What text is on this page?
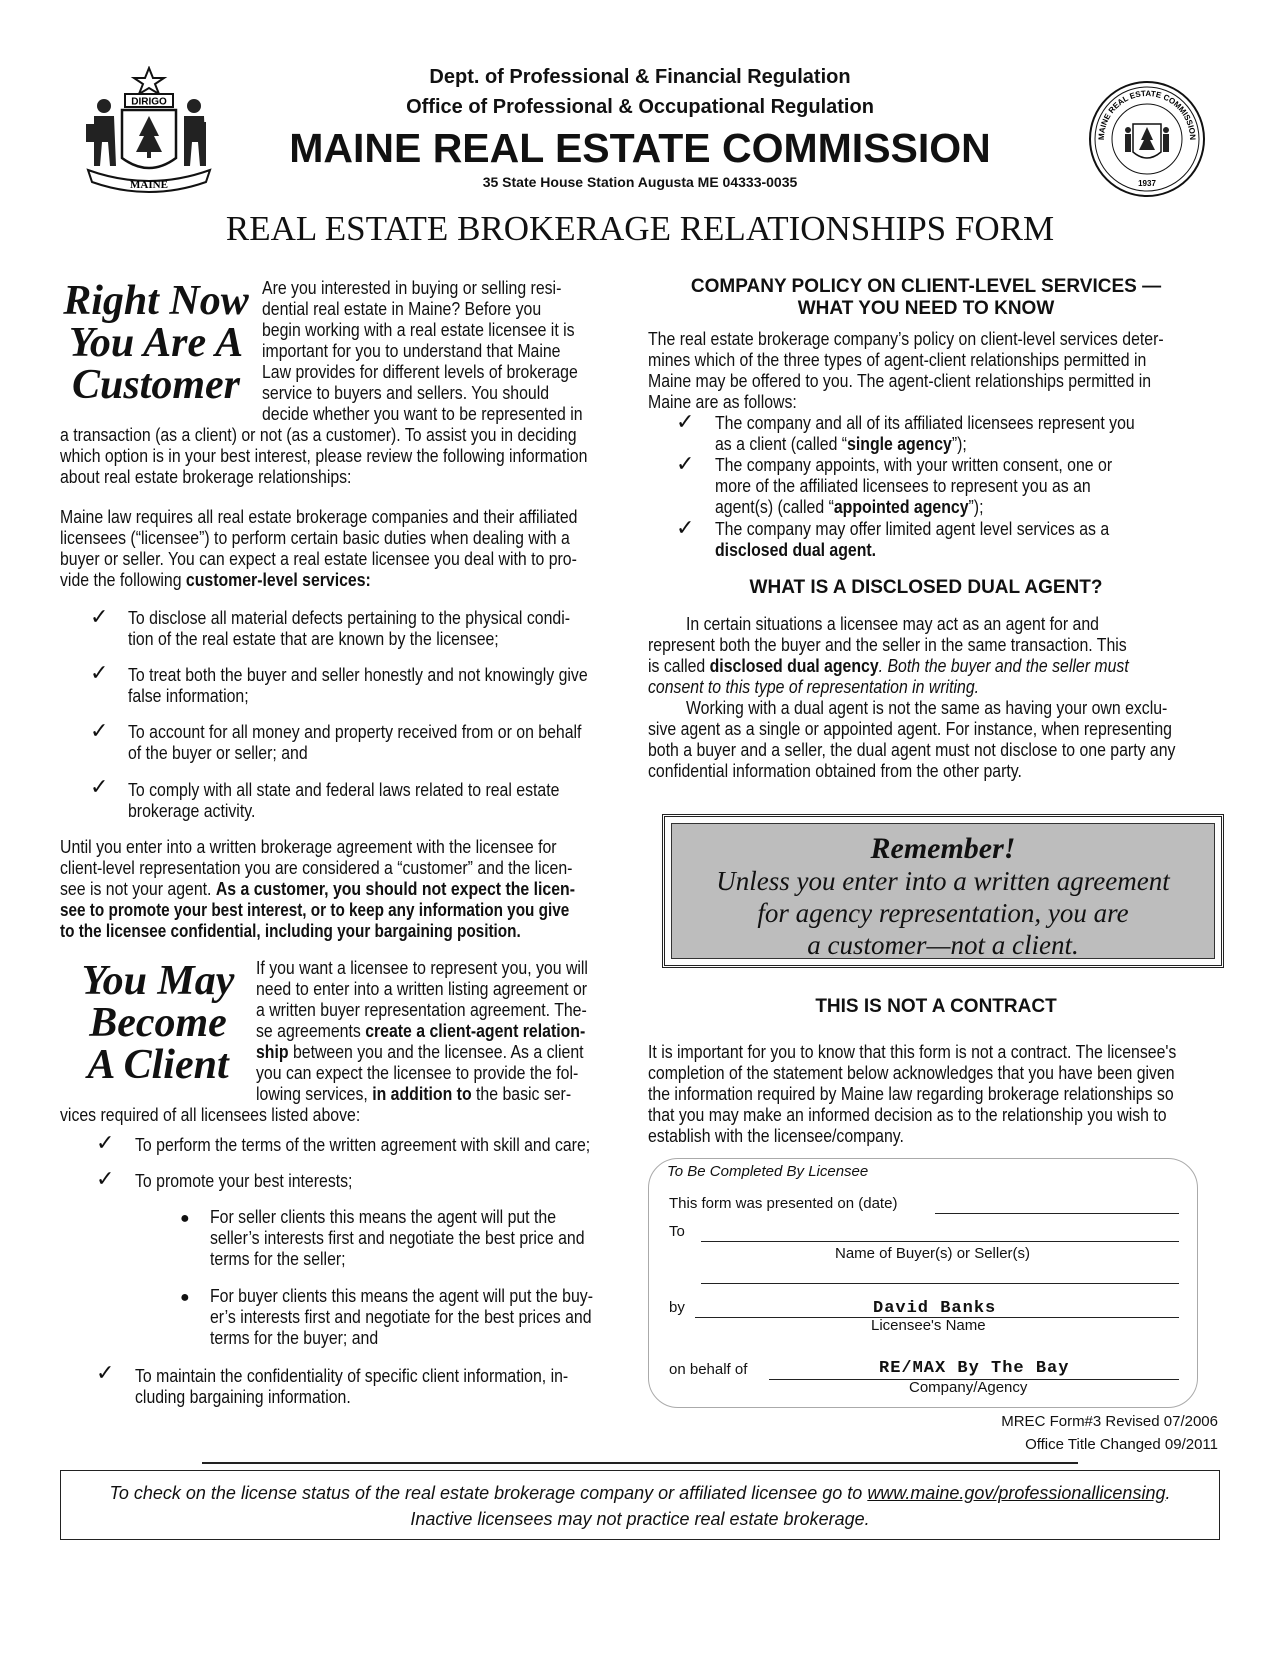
DIRIGO
MAINE
Dept. of Professional & Financial Regulation
Office of Professional & Occupational Regulation
MAINE REAL ESTATE COMMISSION
35 State House Station Augusta ME 04333-0035
MAINE REAL ESTATE COMMISSION
1937
REAL ESTATE BROKERAGE RELATIONSHIPS FORM
Right Now
You Are A
Customer
Are you interested in buying or selling resi-
dential real estate in Maine? Before you
begin working with a real estate licensee it is
important for you to understand that Maine
Law provides for different levels of brokerage
service to buyers and sellers. You should
decide whether you want to be represented in
a transaction (as a client) or not (as a customer). To assist you in deciding
which option is in your best interest, please review the following information
about real estate brokerage relationships:
Maine law requires all real estate brokerage companies and their affiliated
licensees (“licensee”) to perform certain basic duties when dealing with a
buyer or seller. You can expect a real estate licensee you deal with to pro-
vide the following customer-level services:
✓ To disclose all material defects pertaining to the physical condi-
tion of the real estate that are known by the licensee;
✓ To treat both the buyer and seller honestly and not knowingly give
false information;
✓ To account for all money and property received from or on behalf
of the buyer or seller; and
✓ To comply with all state and federal laws related to real estate
brokerage activity.
Until you enter into a written brokerage agreement with the licensee for
client-level representation you are considered a “customer” and the licen-
see is not your agent. As a customer, you should not expect the licen-
see to promote your best interest, or to keep any information you give
to the licensee confidential, including your bargaining position.
You May
Become
A Client
If you want a licensee to represent you, you will
need to enter into a written listing agreement or
a written buyer representation agreement. The-
se agreements create a client-agent relation-
ship between you and the licensee. As a client
you can expect the licensee to provide the fol-
lowing services, in addition to the basic ser-
vices required of all licensees listed above:
✓ To perform the terms of the written agreement with skill and care;
✓ To promote your best interests;
● For seller clients this means the agent will put the
seller’s interests first and negotiate the best price and
terms for the seller;
● For buyer clients this means the agent will put the buy-
er’s interests first and negotiate for the best prices and
terms for the buyer; and
✓ To maintain the confidentiality of specific client information, in-
cluding bargaining information.
COMPANY POLICY ON CLIENT-LEVEL SERVICES —
WHAT YOU NEED TO KNOW
The real estate brokerage company’s policy on client-level services deter-
mines which of the three types of agent-client relationships permitted in
Maine may be offered to you. The agent-client relationships permitted in
Maine are as follows:
✓ The company and all of its affiliated licensees represent you
as a client (called “single agency”);
✓ The company appoints, with your written consent, one or
more of the affiliated licensees to represent you as an
agent(s) (called “appointed agency”);
✓ The company may offer limited agent level services as a
disclosed dual agent.
WHAT IS A DISCLOSED DUAL AGENT?
In certain situations a licensee may act as an agent for and
represent both the buyer and the seller in the same transaction. This
is called disclosed dual agency. Both the buyer and the seller must
consent to this type of representation in writing.
Working with a dual agent is not the same as having your own exclu-
sive agent as a single or appointed agent. For instance, when representing
both a buyer and a seller, the dual agent must not disclose to one party any
confidential information obtained from the other party.
Remember!
Unless you enter into a written agreement
for agency representation, you are
a customer—not a client.
THIS IS NOT A CONTRACT
It is important for you to know that this form is not a contract. The licensee's
completion of the statement below acknowledges that you have been given
the information required by Maine law regarding brokerage relationships so
that you may make an informed decision as to the relationship you wish to
establish with the licensee/company.
To Be Completed By Licensee
This form was presented on (date)
To
Name of Buyer(s) or Seller(s)
by	David Banks
Licensee's Name
on behalf of	RE/MAX By The Bay
Company/Agency
MREC Form#3 Revised 07/2006
Office Title Changed 09/2011
To check on the license status of the real estate brokerage company or affiliated licensee go to www.maine.gov/professionallicensing.
Inactive licensees may not practice real estate brokerage.
